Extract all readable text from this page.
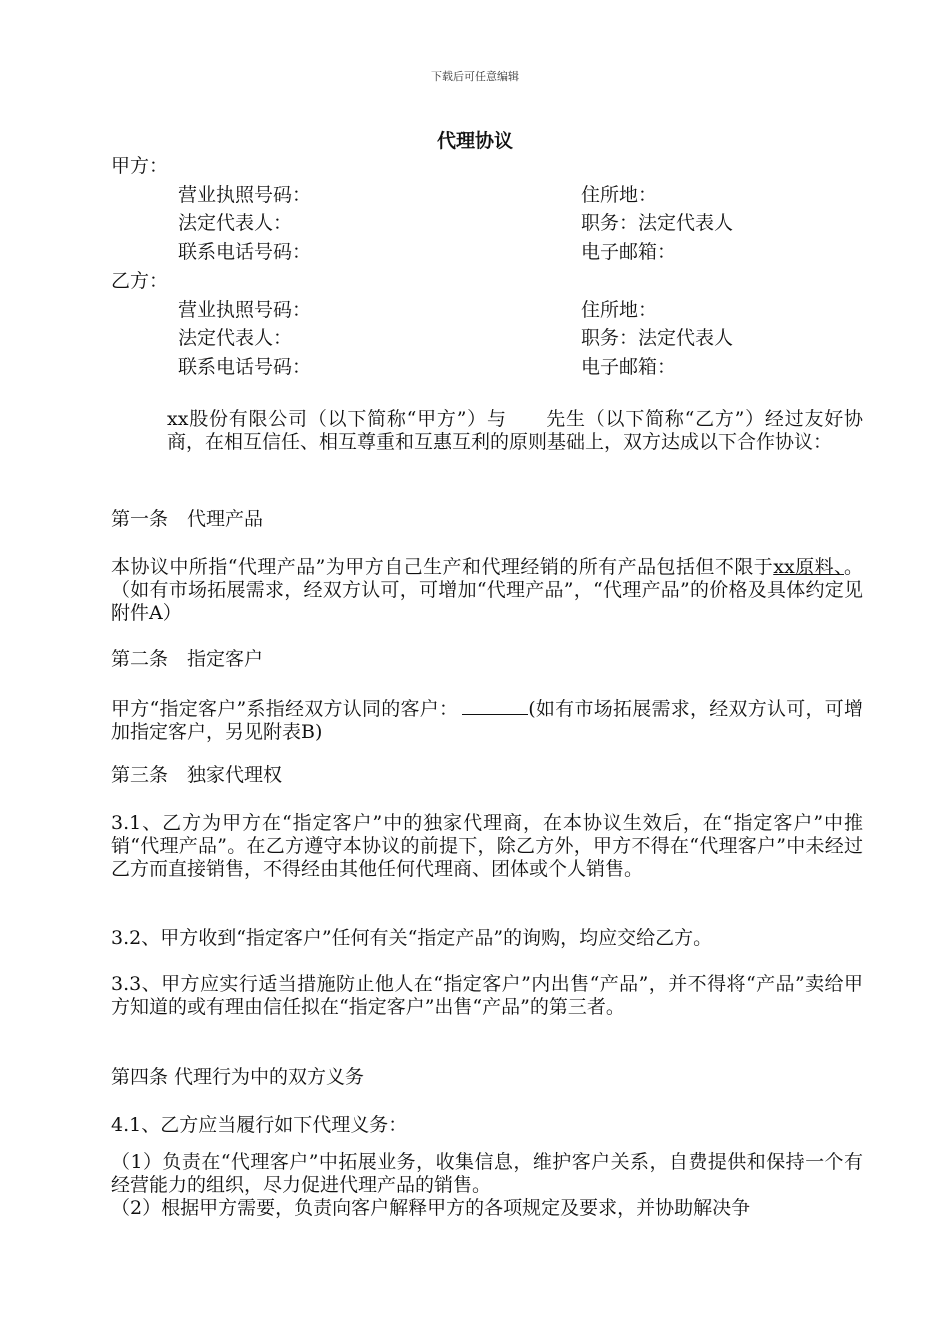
下载后可任意编辑
代理协议
甲方：
营业执照号码：	住所地：
法定代表人：	职务：法定代表人
联系电话号码：	电子邮箱：
乙方：
营业执照号码：	住所地：
法定代表人：	职务：法定代表人
联系电话号码：	电子邮箱：
xx股份有限公司（以下简称“甲方”）与　　先生（以下简称“乙方”）经过友好协商，在相互信任、相互尊重和互惠互利的原则基础上，双方达成以下合作协议：
第一条　代理产品
本协议中所指“代理产品”为甲方自己生产和代理经销的所有产品包括但不限于xx原料、。（如有市场拓展需求，经双方认可，可增加“代理产品”，“代理产品”的价格及具体约定见附件A）
第二条　指定客户
甲方“指定客户”系指经双方认同的客户：	(如有市场拓展需求，经双方认可，可增加指定客户，另见附表B)
第三条　独家代理权
3.1、乙方为甲方在“指定客户”中的独家代理商，在本协议生效后，在“指定客户”中推销“代理产品”。在乙方遵守本协议的前提下，除乙方外，甲方不得在“代理客户”中未经过乙方而直接销售，不得经由其他任何代理商、团体或个人销售。
3.2、甲方收到“指定客户”任何有关“指定产品”的询购，均应交给乙方。
3.3、甲方应实行适当措施防止他人在“指定客户”内出售“产品”，并不得将“产品”卖给甲方知道的或有理由信任拟在“指定客户”出售“产品”的第三者。
第四条 代理行为中的双方义务
4.1、乙方应当履行如下代理义务：
（1）负责在“代理客户”中拓展业务，收集信息，维护客户关系，自费提供和保持一个有经营能力的组织，尽力促进代理产品的销售。
（2）根据甲方需要，负责向客户解释甲方的各项规定及要求，并协助解决争
